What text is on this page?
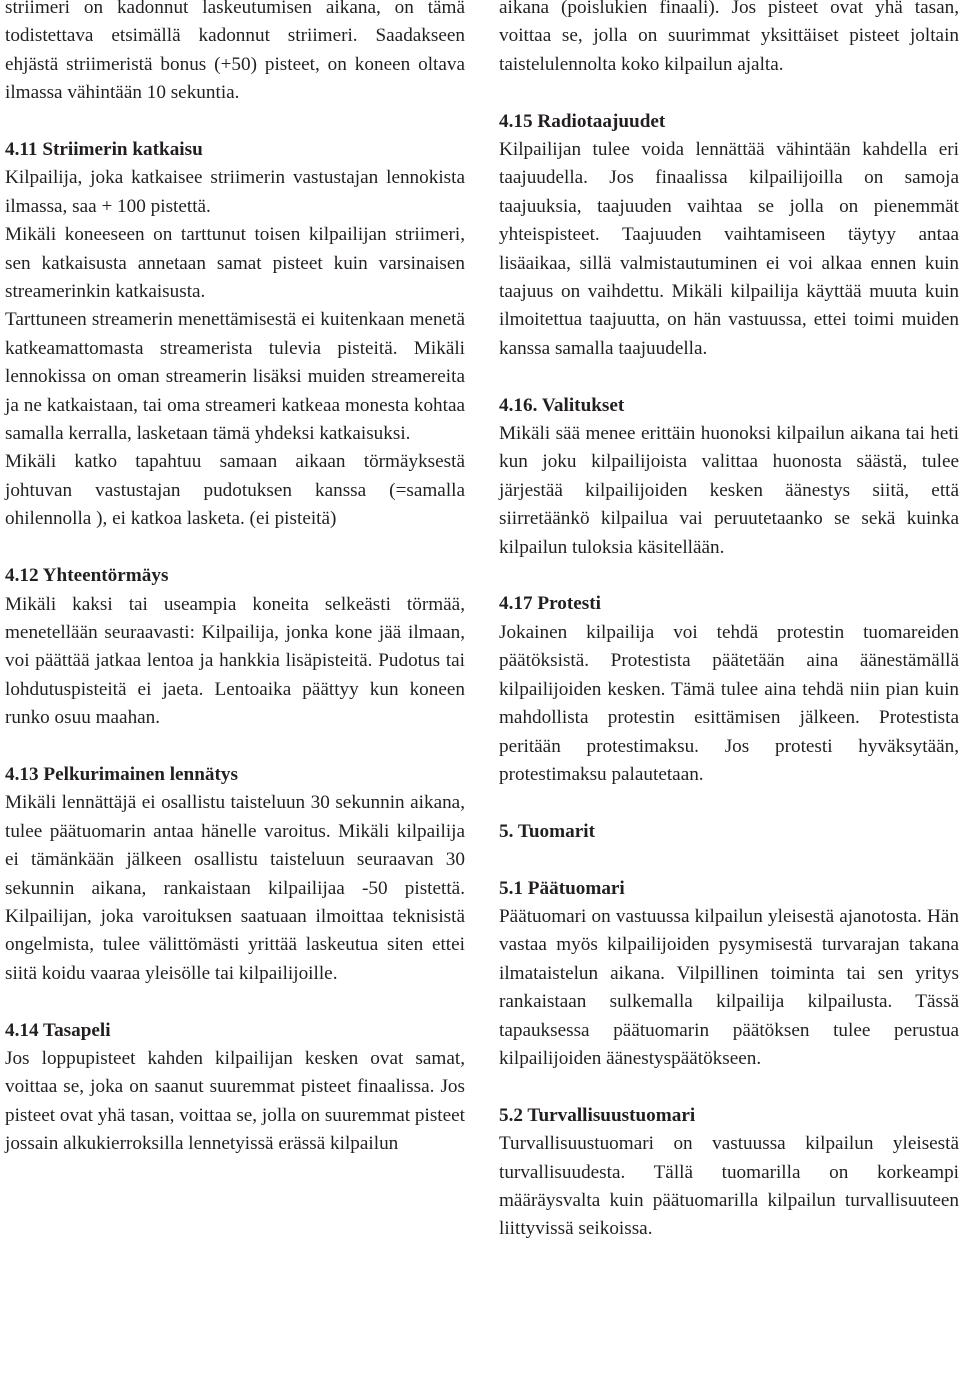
striimeri on kadonnut laskeutumisen aikana, on tämä todistettava etsimällä kadonnut striimeri. Saadakseen ehjästä striimeristä bonus (+50) pisteet, on koneen oltava ilmassa vähintään 10 sekuntia.

4.11 Striimerin katkaisu

Kilpailija, joka katkaisee striimerin vastustajan lennokista ilmassa, saa + 100 pistettä.

Mikäli koneeseen on tarttunut toisen kilpailijan striimeri, sen katkaisusta annetaan samat pisteet kuin varsinaisen streamerinkin katkaisusta.

Tarttuneen streamerin menettämisestä ei kuitenkaan menetä katkeamattomasta streamerista tulevia pisteitä. Mikäli lennokissa on oman streamerin lisäksi muiden streamereita ja ne katkaistaan, tai oma streameri katkeaa monesta kohtaa samalla kerralla, lasketaan tämä yhdeksi katkaisuksi.

Mikäli katko tapahtuu samaan aikaan törmäyksestä johtuvan vastustajan pudotuksen kanssa (=samalla ohilennolla ), ei katkoa lasketa. (ei pisteitä)

4.12 Yhteentörmäys

Mikäli kaksi tai useampia koneita selkeästi törmää, menetellään seuraavasti: Kilpailija, jonka kone jää ilmaan, voi päättää jatkaa lentoa ja hankkia lisäpisteitä. Pudotus tai lohdutuspisteitä ei jaeta. Lentoaika päättyy kun koneen runko osuu maahan.

4.13 Pelkurimainen lennätys

Mikäli lennättäjä ei osallistu taisteluun 30 sekunnin aikana, tulee päätuomarin antaa hänelle varoitus. Mikäli kilpailija ei tämänkään jälkeen osallistu taisteluun seuraavan 30 sekunnin aikana, rankaistaan kilpailijaa -50 pistettä. Kilpailijan, joka varoituksen saatuaan ilmoittaa teknisistä ongelmista, tulee välittömästi yrittää laskeutua siten ettei siitä koidu vaaraa yleisölle tai kilpailijoille.

4.14 Tasapeli

Jos loppupisteet kahden kilpailijan kesken ovat samat, voittaa se, joka on saanut suuremmat pisteet finaalissa. Jos pisteet ovat yhä tasan, voittaa se, jolla on suuremmat pisteet jossain alkukierroksilla lennetyissä erässä kilpailun

aikana (poislukien finaali). Jos pisteet ovat yhä tasan, voittaa se, jolla on suurimmat yksittäiset pisteet joltain taistelulennolta koko kilpailun ajalta.

4.15 Radiotaajuudet

Kilpailijan tulee voida lennättää vähintään kahdella eri taajuudella. Jos finaalissa kilpailijoilla on samoja taajuuksia, taajuuden vaihtaa se jolla on pienemmät yhteispisteet. Taajuuden vaihtamiseen täytyy antaa lisäaikaa, sillä valmistautuminen ei voi alkaa ennen kuin taajuus on vaihdettu. Mikäli kilpailija käyttää muuta kuin ilmoitettua taajuutta, on hän vastuussa, ettei toimi muiden kanssa samalla taajuudella.

4.16. Valitukset

Mikäli sää menee erittäin huonoksi kilpailun aikana tai heti kun joku kilpailijoista valittaa huonosta säästä, tulee järjestää kilpailijoiden kesken äänestys siitä, että siirretäänkö kilpailua vai peruutetaanko se sekä kuinka kilpailun tuloksia käsitellään.

4.17 Protesti

Jokainen kilpailija voi tehdä protestin tuomareiden päätöksistä. Protestista päätetään aina äänestämällä kilpailijoiden kesken. Tämä tulee aina tehdä niin pian kuin mahdollista protestin esittämisen jälkeen. Protestista peritään protestimaksu. Jos protesti hyväksytään, protestimaksu palautetaan.

5. Tuomarit
5.1 Päätuomari

Päätuomari on vastuussa kilpailun yleisestä ajanotosta. Hän vastaa myös kilpailijoiden pysymisestä turvarajan takana ilmataistelun aikana. Vilpillinen toiminta tai sen yritys rankaistaan sulkemalla kilpailija kilpailusta. Tässä tapauksessa päätuomarin päätöksen tulee perustua kilpailijoiden äänestyspäätökseen.

5.2 Turvallisuustuomari

Turvallisuustuomari on vastuussa kilpailun yleisestä turvallisuudesta. Tällä tuomarilla on korkeampi määräysvalta kuin päätuomarilla kilpailun turvallisuuteen liittyvissä seikoissa.
